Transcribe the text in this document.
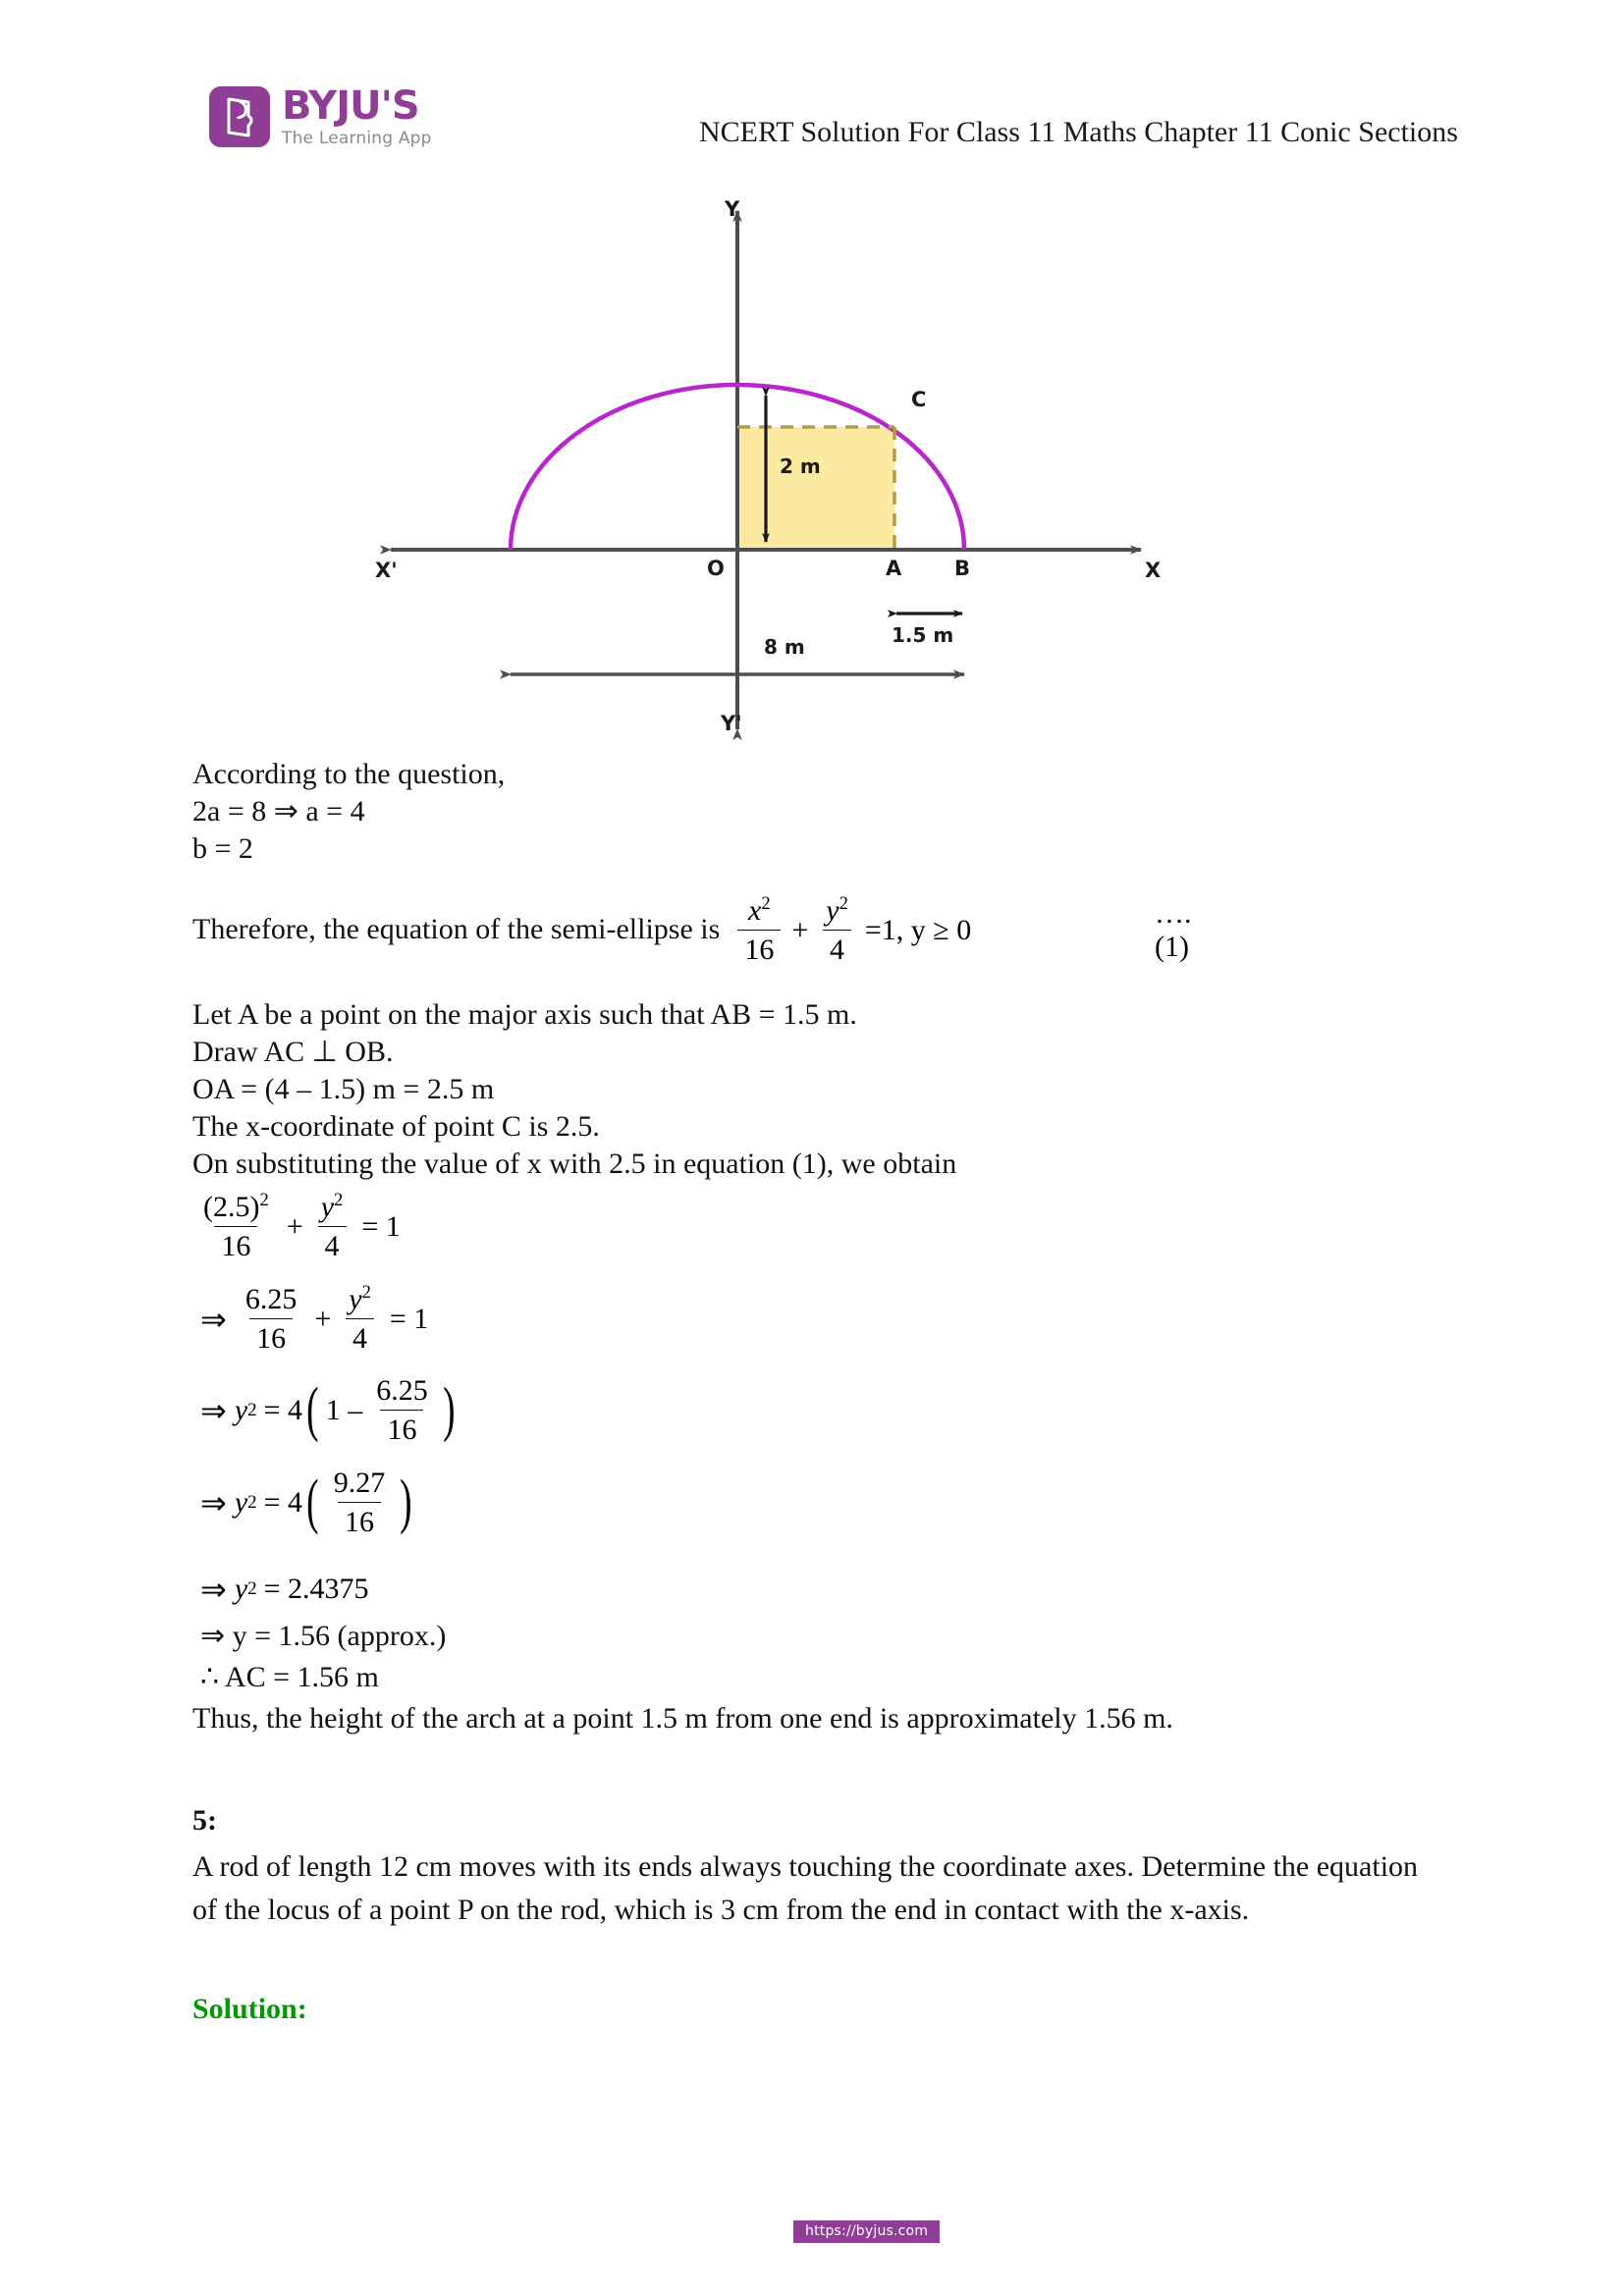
BYJU'S
The Learning App	NCERT Solution For Class 11 Maths Chapter 11 Conic Sections
Y
Y'
X
X'	O	A	B
C
2 m
1.5 m
8 m
According to the question,
2a = 8 ⇒ a = 4
b = 2
Therefore, the equation of the semi-ellipse is $\frac{x^2}{16} + \frac{y^2}{4} =1$, y ≥ 0
….(1)
Let A be a point on the major axis such that AB = 1.5 m.
Draw AC ⊥ OB.
OA = (4 – 1.5) m = 2.5 m
The x-coordinate of point C is 2.5.
On substituting the value of x with 2.5 in equation (1), we obtain
$\frac{(2.5)^2}{16} + \frac{y^2}{4} = 1$
⇒ $\frac{6.25}{16} + \frac{y^2}{4} = 1$
⇒ y 2 = 4 ( $1 - \frac{6.25}{16}$ )
⇒ y 2 = 4 ( $\frac{9.27}{16}$ )
⇒ y 2 = 2.4375
⇒ y = 1.56 (approx.)
∴ AC = 1.56 m
Thus, the height of the arch at a point 1.5 m from one end is approximately 1.56 m.
5:
A rod of length 12 cm moves with its ends always touching the coordinate axes. Determine the equation of the locus of a point P on the rod, which is 3 cm from the end in contact with the x-axis.
Solution:
https://byjus.com
